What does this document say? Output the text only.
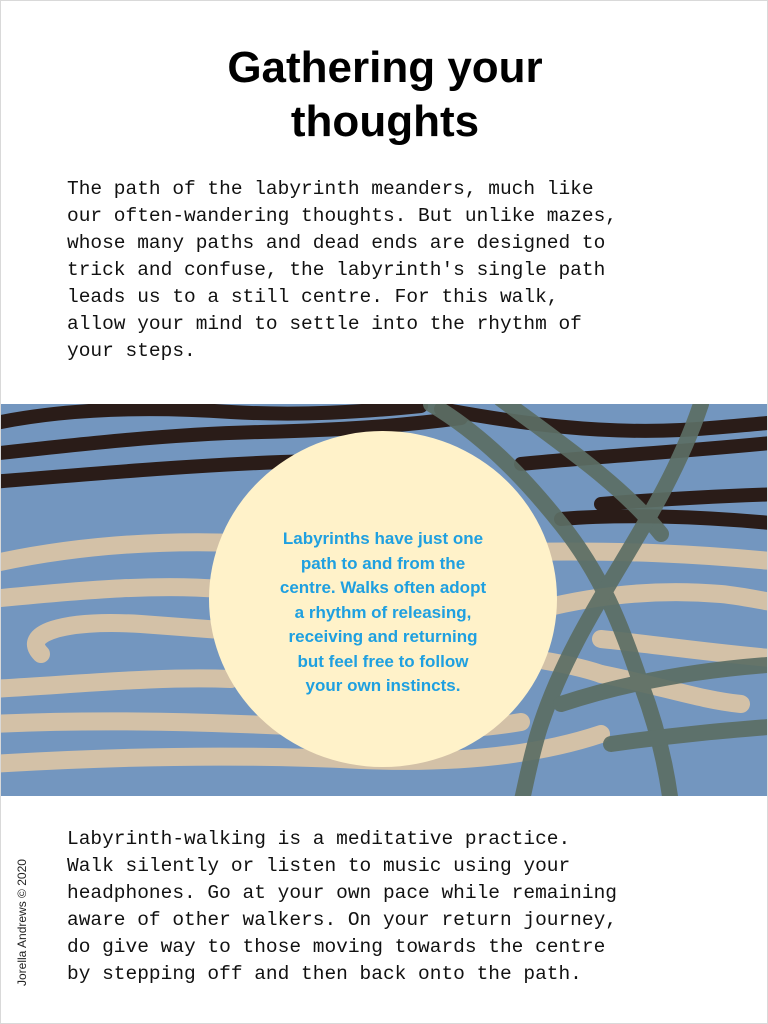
Gathering your
thoughts

The path of the labyrinth meanders, much like
our often-wandering thoughts. But unlike mazes,
whose many paths and dead ends are designed to
trick and confuse, the labyrinth's single path
leads us to a still centre. For this walk,
allow your mind to settle into the rhythm of
your steps.

Labyrinths have just one
path to and from the
centre. Walks often adopt
a rhythm of releasing,
receiving and returning
but feel free to follow
your own instincts.

Labyrinth-walking is a meditative practice.
Walk silently or listen to music using your
headphones. Go at your own pace while remaining
aware of other walkers. On your return journey,
do give way to those moving towards the centre
by stepping off and then back onto the path.

Jorella Andrews © 2020
